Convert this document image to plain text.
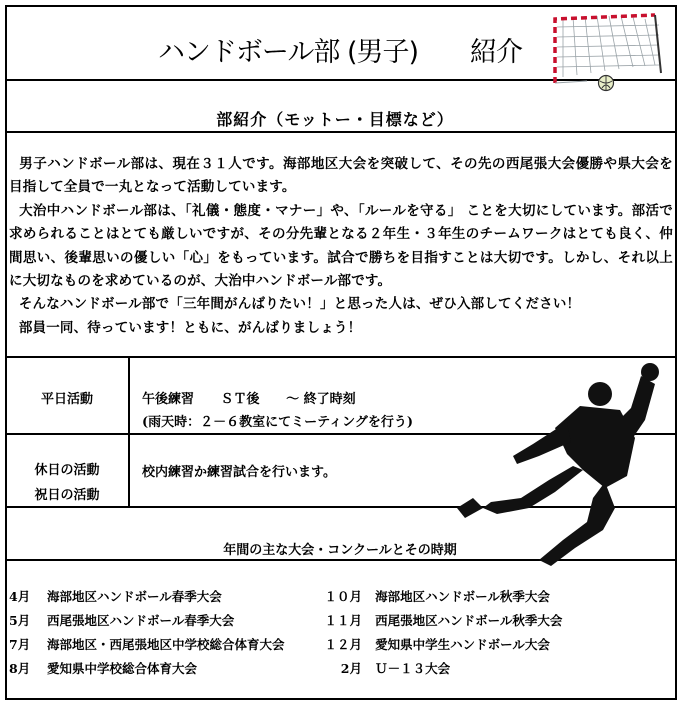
ハンドボール部 (男子)　　紹介
部紹介（モットー・目標など）

男子ハンドボール部は、現在３１人です。海部地区大会を突破して、その先の西尾張大会優勝や県大会を目指して全員で一丸となって活動しています。

大治中ハンドボール部は、「礼儀・態度・マナー」や、「ルールを守る」 ことを大切にしています。部活で求められることはとても厳しいですが、その分先輩となる２年生・３年生のチームワークはとても良く、仲間思い、後輩思いの優しい「心」をもっています。試合で勝ちを目指すことは大切です。しかし、それ以上に大切なものを求めているのが、大治中ハンドボール部です。

そんなハンドボール部で「三年間がんばりたい！」と思った人は、ぜひ入部してください！

部員一同、待っています！ともに、がんばりましょう！

平日活動	午後練習 ＳＴ後 ～ 終了時刻
(雨天時：２－６教室にてミーティングを行う)
休日の活動
祝日の活動
校内練習か練習試合を行います。
年間の主な大会・コンクールとその時期
4月 海部地区ハンドボール春季大会
5月 西尾張地区ハンドボール春季大会
7月 海部地区・西尾張地区中学校総合体育大会
8月 愛知県中学校総合体育大会
１０月 海部地区ハンドボール秋季大会
１１月 西尾張地区ハンドボール秋季大会
１２月 愛知県中学生ハンドボール大会
2月 Ｕ－１３大会
